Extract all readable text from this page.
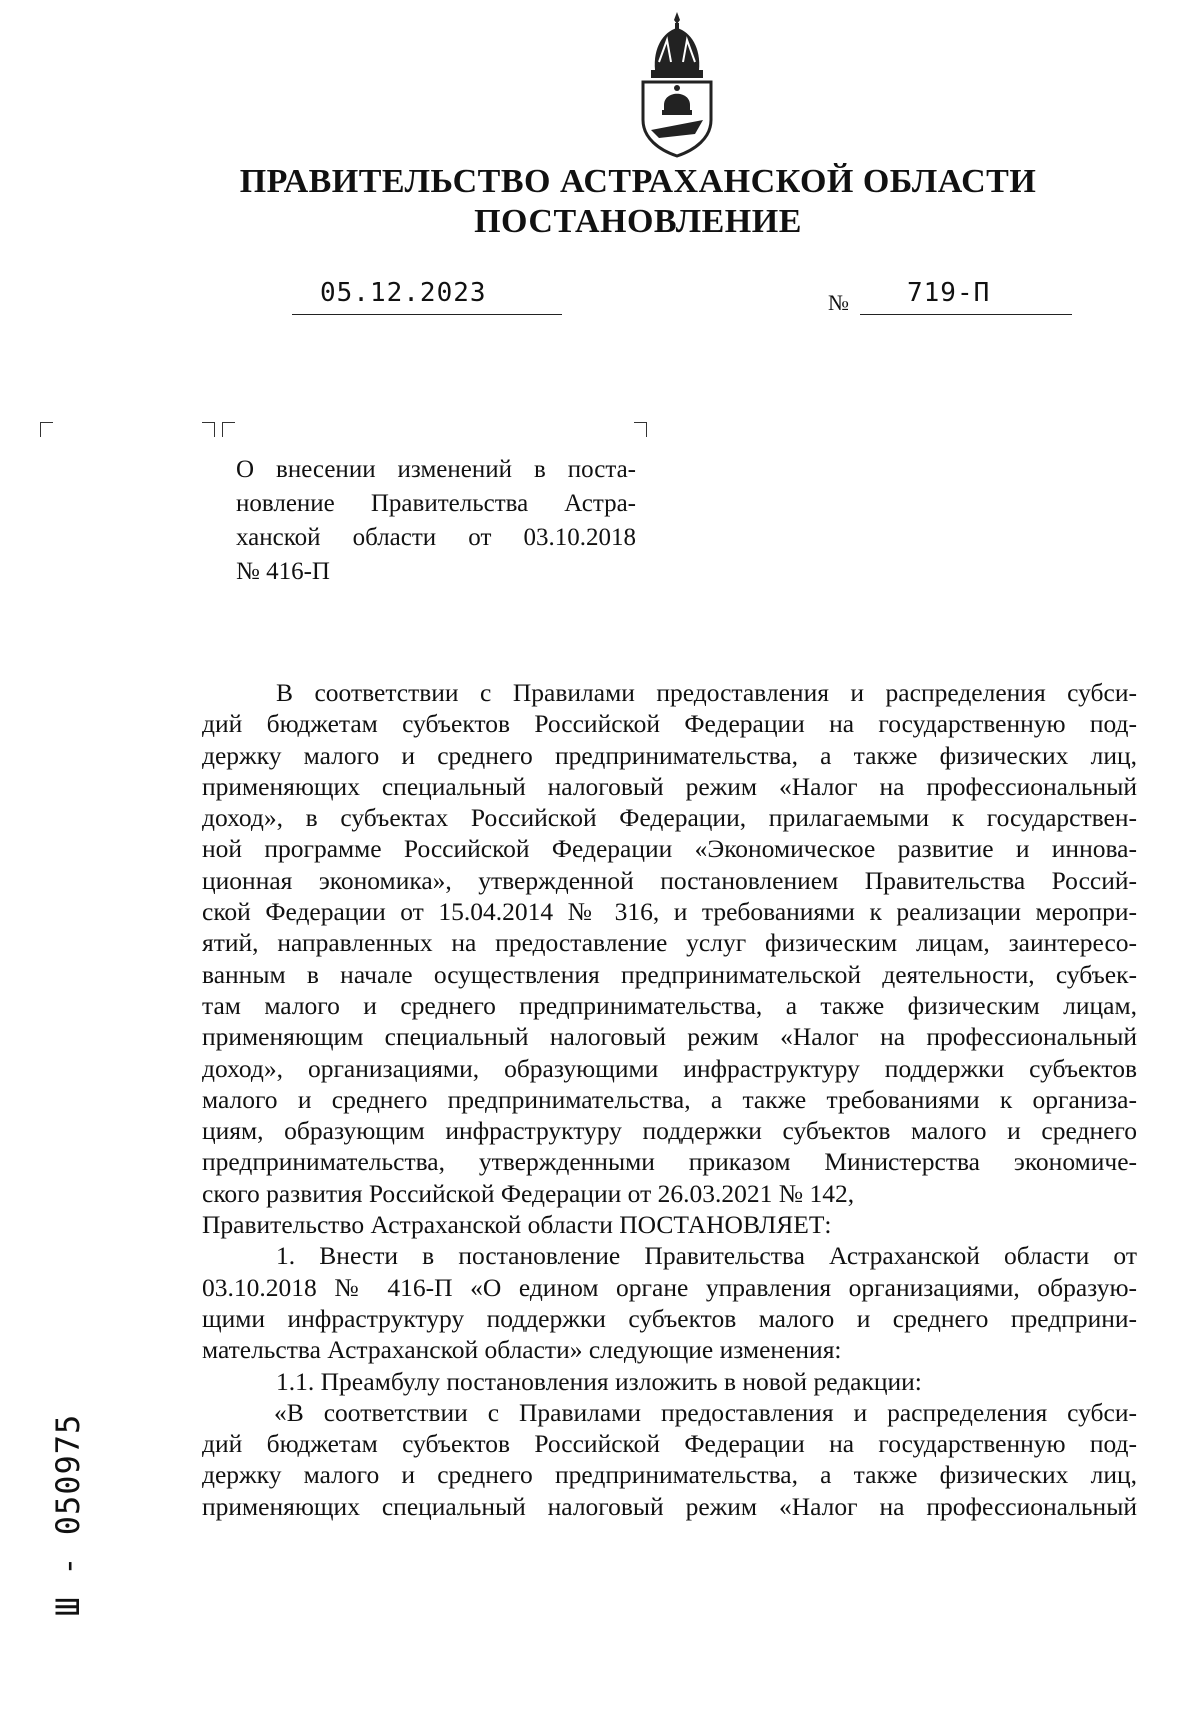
ПРАВИТЕЛЬСТВО АСТРАХАНСКОЙ ОБЛАСТИ
ПОСТАНОВЛЕНИЕ
05.12.2023	№ 719-П
О внесении изменений в поста-
новление Правительства Астра-
ханской области от 03.10.2018
№ 416-П
В соответствии с Правилами предоставления и распределения субси-
дий бюджетам субъектов Российской Федерации на государственную под-
держку малого и среднего предпринимательства, а также физических лиц,
применяющих специальный налоговый режим «Налог на профессиональный
доход», в субъектах Российской Федерации, прилагаемыми к государствен-
ной программе Российской Федерации «Экономическое развитие и иннова-
ционная экономика», утвержденной постановлением Правительства Россий-
ской Федерации от 15.04.2014 № 316, и требованиями к реализации меропри-
ятий, направленных на предоставление услуг физическим лицам, заинтересо-
ванным в начале осуществления предпринимательской деятельности, субъек-
там малого и среднего предпринимательства, а также физическим лицам,
применяющим специальный налоговый режим «Налог на профессиональный
доход», организациями, образующими инфраструктуру поддержки субъектов
малого и среднего предпринимательства, а также требованиями к организа-
циям, образующим инфраструктуру поддержки субъектов малого и среднего
предпринимательства, утвержденными приказом Министерства экономиче-
ского развития Российской Федерации от 26.03.2021 № 142,
Правительство Астраханской области ПОСТАНОВЛЯЕТ:
1. Внести в постановление Правительства Астраханской области от
03.10.2018 № 416-П «О едином органе управления организациями, образую-
щими инфраструктуру поддержки субъектов малого и среднего предприни-
мательства Астраханской области» следующие изменения:
1.1. Преамбулу постановления изложить в новой редакции:
«В соответствии с Правилами предоставления и распределения субси-
дий бюджетам субъектов Российской Федерации на государственную под-
держку малого и среднего предпринимательства, а также физических лиц,
применяющих специальный налоговый режим «Налог на профессиональный
Ш - 050975
